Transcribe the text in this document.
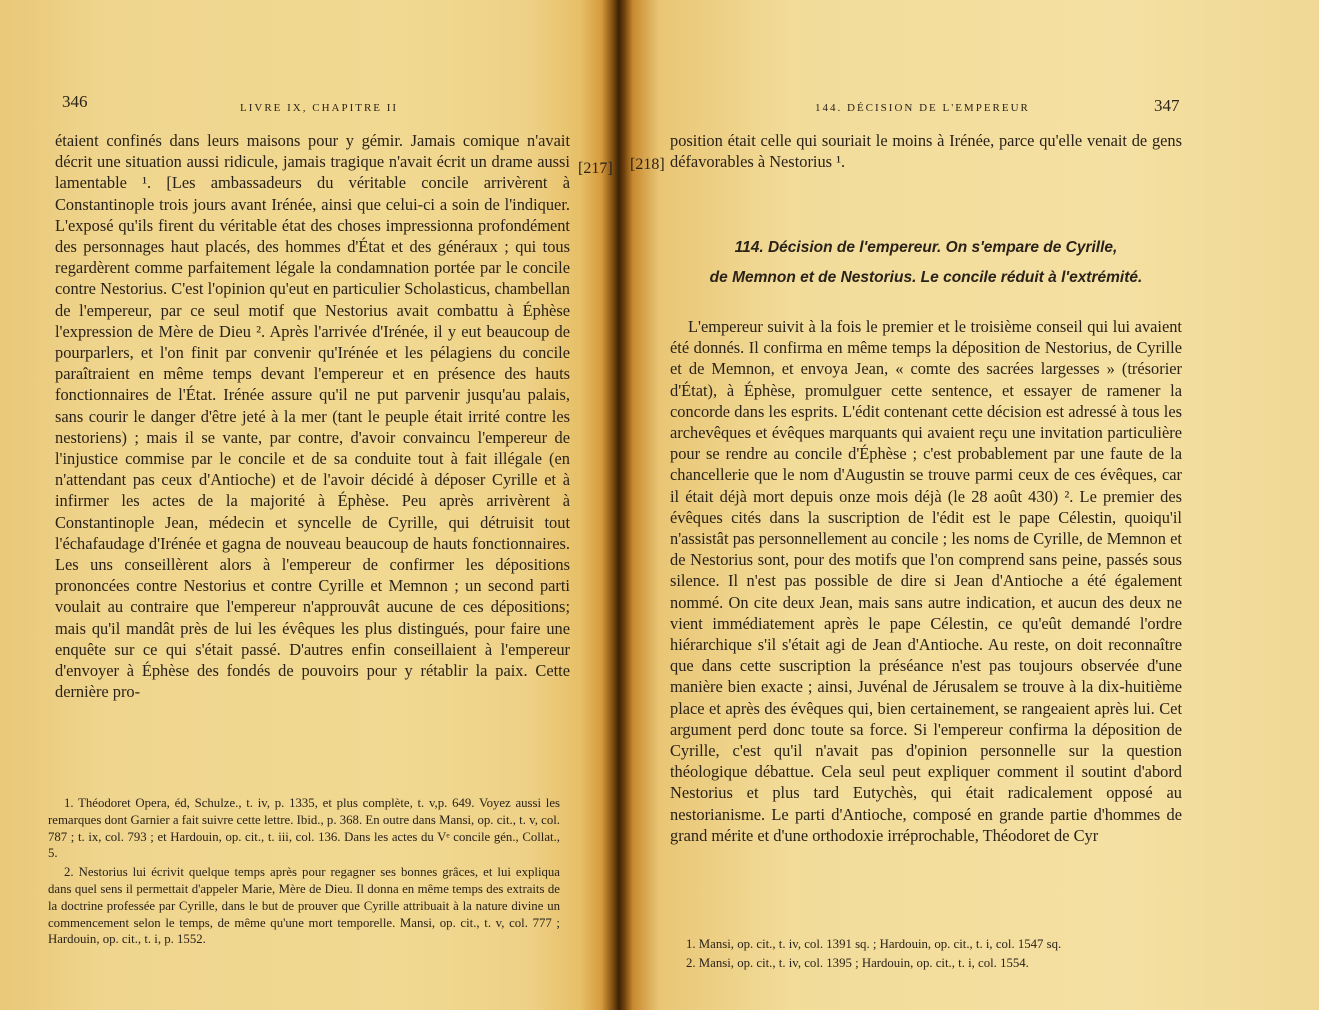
346	LIVRE IX, CHAPITRE II

étaient confinés dans leurs maisons pour y gémir. Jamais comique n'avait décrit une situation aussi ridicule, jamais tragique n'avait écrit un drame aussi lamentable ¹. [Les ambassadeurs du véritable concile arrivèrent à Constantinople trois jours avant Irénée, ainsi que celui-ci a soin de l'indiquer. L'exposé qu'ils firent du véritable état des choses impressionna profondément des personnages haut placés, des hommes d'État et des généraux ; qui tous regardèrent comme parfaitement légale la condamnation portée par le concile contre Nestorius. C'est l'opinion qu'eut en particulier Scholasticus, chambellan de l'empereur, par ce seul motif que Nestorius avait combattu à Éphèse l'expression de Mère de Dieu ². Après l'arrivée d'Irénée, il y eut beaucoup de pourparlers, et l'on finit par convenir qu'Irénée et les pélagiens du concile paraîtraient en même temps devant l'empereur et en présence des hauts fonctionnaires de l'État. Irénée assure qu'il ne put parvenir jusqu'au palais, sans courir le danger d'être jeté à la mer (tant le peuple était irrité contre les nestoriens) ; mais il se vante, par contre, d'avoir convaincu l'empereur de l'injustice commise par le concile et de sa conduite tout à fait illégale (en n'attendant pas ceux d'Antioche) et de l'avoir décidé à déposer Cyrille et à infirmer les actes de la majorité à Éphèse. Peu après arrivèrent à Constantinople Jean, médecin et syncelle de Cyrille, qui détruisit tout l'échafaudage d'Irénée et gagna de nouveau beaucoup de hauts fonctionnaires. Les uns conseillèrent alors à l'empereur de confirmer les dépositions prononcées contre Nestorius et contre Cyrille et Memnon ; un second parti voulait au contraire que l'empereur n'approuvât aucune de ces dépositions; mais qu'il mandât près de lui les évêques les plus distingués, pour faire une enquête sur ce qui s'était passé. D'autres enfin conseillaient à l'empereur d'envoyer à Éphèse des fondés de pouvoirs pour y rétablir la paix. Cette dernière pro-

[217]

1. Théodoret Opera, éd, Schulze., t. iv, p. 1335, et plus complète, t. v,p. 649. Voyez aussi les remarques dont Garnier a fait suivre cette lettre. Ibid., p. 368. En outre dans Mansi, op. cit., t. v, col. 787 ; t. ix, col. 793 ; et Hardouin, op. cit., t. iii, col. 136. Dans les actes du Vᵉ concile gén., Collat., 5.

2. Nestorius lui écrivit quelque temps après pour regagner ses bonnes grâces, et lui expliqua dans quel sens il permettait d'appeler Marie, Mère de Dieu. Il donna en même temps des extraits de la doctrine professée par Cyrille, dans le but de prouver que Cyrille attribuait à la nature divine un commencement selon le temps, de même qu'une mort temporelle. Mansi, op. cit., t. v, col. 777 ; Hardouin, op. cit., t. i, p. 1552.

144. DÉCISION DE L'EMPEREUR	347
[218]

position était celle qui souriait le moins à Irénée, parce qu'elle venait de gens défavorables à Nestorius ¹.

114. Décision de l'empereur. On s'empare de Cyrille,
de Memnon et de Nestorius. Le concile réduit à l'extrémité.

L'empereur suivit à la fois le premier et le troisième conseil qui lui avaient été donnés. Il confirma en même temps la déposition de Nestorius, de Cyrille et de Memnon, et envoya Jean, « comte des sacrées largesses » (trésorier d'État), à Éphèse, promulguer cette sentence, et essayer de ramener la concorde dans les esprits. L'édit contenant cette décision est adressé à tous les archevêques et évêques marquants qui avaient reçu une invitation particulière pour se rendre au concile d'Éphèse ; c'est probablement par une faute de la chancellerie que le nom d'Augustin se trouve parmi ceux de ces évêques, car il était déjà mort depuis onze mois déjà (le 28 août 430) ². Le premier des évêques cités dans la suscription de l'édit est le pape Célestin, quoiqu'il n'assistât pas personnellement au concile ; les noms de Cyrille, de Memnon et de Nestorius sont, pour des motifs que l'on comprend sans peine, passés sous silence. Il n'est pas possible de dire si Jean d'Antioche a été également nommé. On cite deux Jean, mais sans autre indication, et aucun des deux ne vient immédiatement après le pape Célestin, ce qu'eût demandé l'ordre hiérarchique s'il s'était agi de Jean d'Antioche. Au reste, on doit reconnaître que dans cette suscription la préséance n'est pas toujours observée d'une manière bien exacte ; ainsi, Juvénal de Jérusalem se trouve à la dix-huitième place et après des évêques qui, bien certainement, se rangeaient après lui. Cet argument perd donc toute sa force. Si l'empereur confirma la déposition de Cyrille, c'est qu'il n'avait pas d'opinion personnelle sur la question théologique débattue. Cela seul peut expliquer comment il soutint d'abord Nestorius et plus tard Eutychès, qui était radicalement opposé au nestorianisme. Le parti d'Antioche, composé en grande partie d'hommes de grand mérite et d'une orthodoxie irréprochable, Théodoret de Cyr

1. Mansi, op. cit., t. iv, col. 1391 sq. ; Hardouin, op. cit., t. i, col. 1547 sq.

2. Mansi, op. cit., t. iv, col. 1395 ; Hardouin, op. cit., t. i, col. 1554.
